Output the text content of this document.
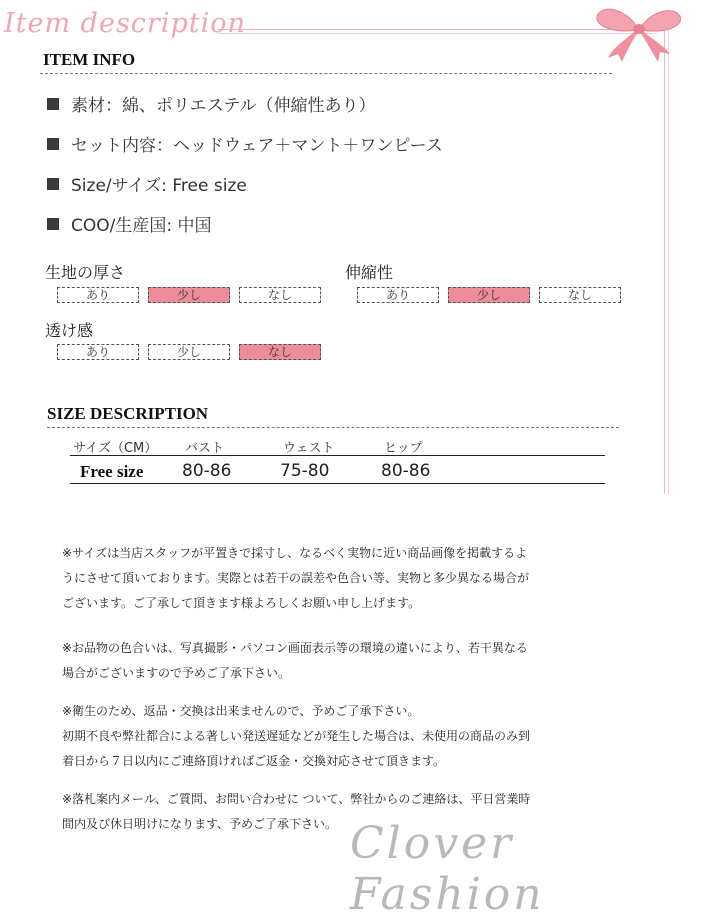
Item description
ITEM INFO
素材：綿、ポリエステル（伸縮性あり）
セット内容：ヘッドウェア＋マント＋ワンピース
Size/サイズ: Free size
COO/生産国: 中国
生地の厚さ
あり	少し	なし
伸縮性
あり	少し	なし
透け感
あり	少し	なし
SIZE DESCRIPTION
サイズ（CM） バスト	ウェスト	ヒップ
Free size 80-86	75-80	80-86
※サイズは当店スタッフが平置きで採寸し、なるべく実物に近い商品画像を掲載するよ
うにさせて頂いております。実際とは若干の誤差や色合い等、実物と多少異なる場合が
ございます。ご了承して頂きます様よろしくお願い申し上げます。
※お品物の色合いは、写真撮影・パソコン画面表示等の環境の違いにより、若干異なる
場合がございますので予めご了承下さい。
※衛生のため、返品・交換は出来ませんので、予めご了承下さい。
初期不良や弊社都合による著しい発送遅延などが発生した場合は、未使用の商品のみ到
着日から７日以内にご連絡頂ければご返金・交換対応させて頂きます。
※落札案内メール、ご質問、お問い合わせに ついて、弊社からのご連絡は、平日営業時
間内及び休日明けになります、予めご了承下さい。 Clover Fashion
